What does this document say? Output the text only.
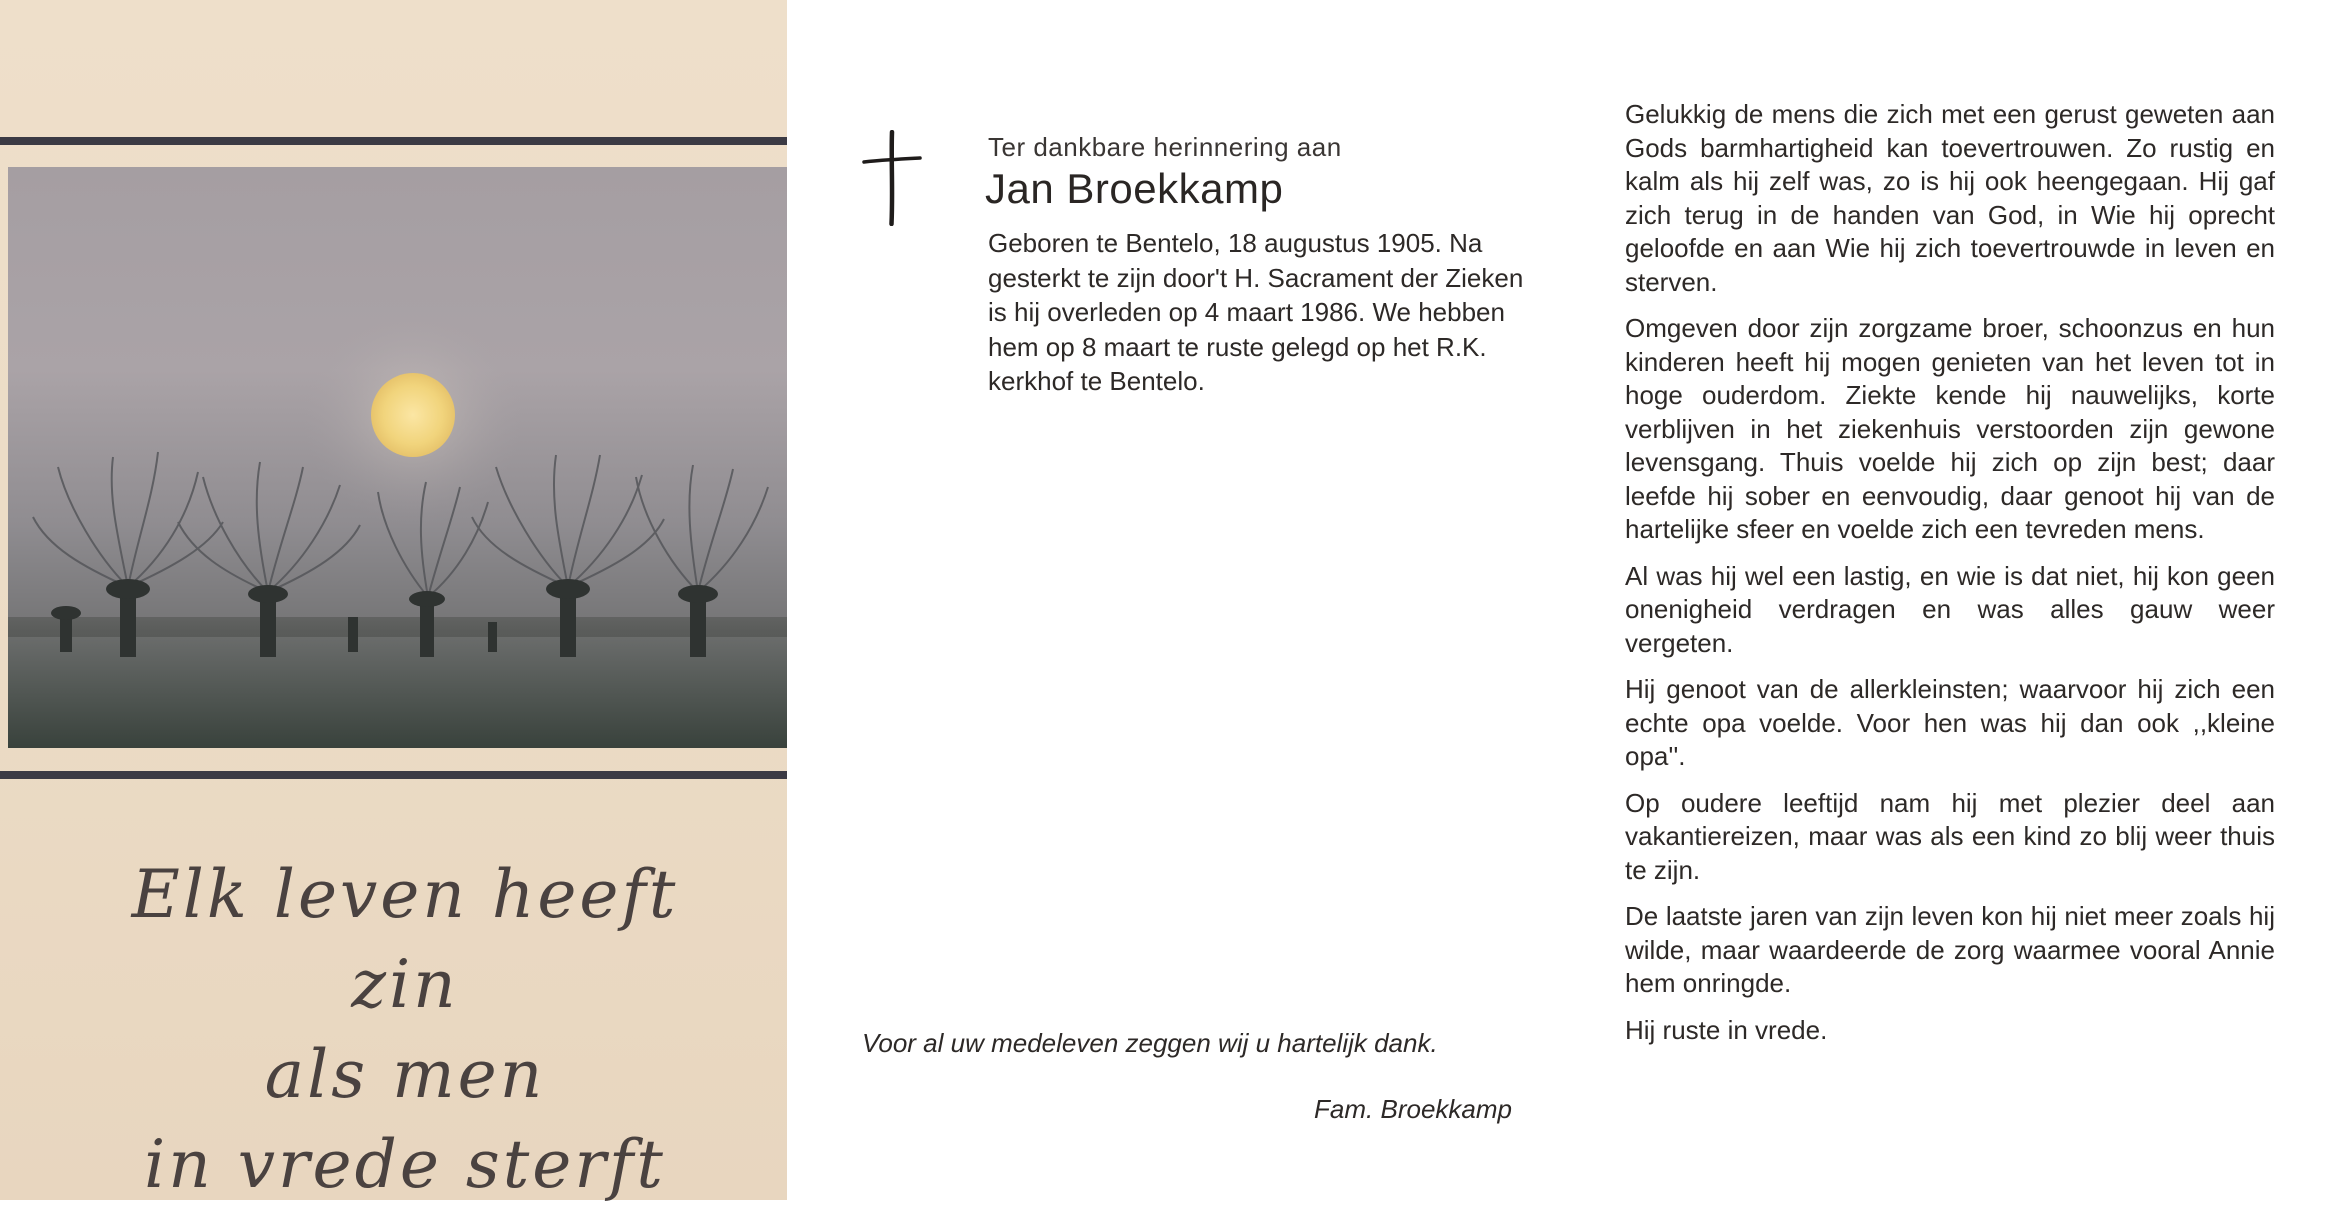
Elk leven heeft zin
als men
in vrede sterft
Ter dankbare herinnering aan
Jan Broekkamp
Geboren te Bentelo, 18 augustus 1905. Na gesterkt te zijn door't H. Sacrament der Zieken is hij overleden op 4 maart 1986. We hebben hem op 8 maart te ruste gelegd op het R.K. kerkhof te Bentelo.
Voor al uw medeleven zeggen wij u hartelijk dank.
Fam. Broekkamp

Gelukkig de mens die zich met een gerust geweten aan Gods barmhartigheid kan toevertrouwen. Zo rustig en kalm als hij zelf was, zo is hij ook heengegaan. Hij gaf zich terug in de handen van God, in Wie hij oprecht geloofde en aan Wie hij zich toevertrouwde in leven en sterven.

Omgeven door zijn zorgzame broer, schoonzus en hun kinderen heeft hij mogen genieten van het leven tot in hoge ouderdom. Ziekte kende hij nauwelijks, korte verblijven in het ziekenhuis verstoorden zijn gewone levensgang. Thuis voelde hij zich op zijn best; daar leefde hij sober en eenvoudig, daar genoot hij van de hartelijke sfeer en voelde zich een tevreden mens.

Al was hij wel een lastig, en wie is dat niet, hij kon geen onenigheid verdragen en was alles gauw weer vergeten.

Hij genoot van de allerkleinsten; waarvoor hij zich een echte opa voelde. Voor hen was hij dan ook ,,kleine opa''.

Op oudere leeftijd nam hij met plezier deel aan vakantiereizen, maar was als een kind zo blij weer thuis te zijn.

De laatste jaren van zijn leven kon hij niet meer zoals hij wilde, maar waardeerde de zorg waarmee vooral Annie hem onringde.

Hij ruste in vrede.
